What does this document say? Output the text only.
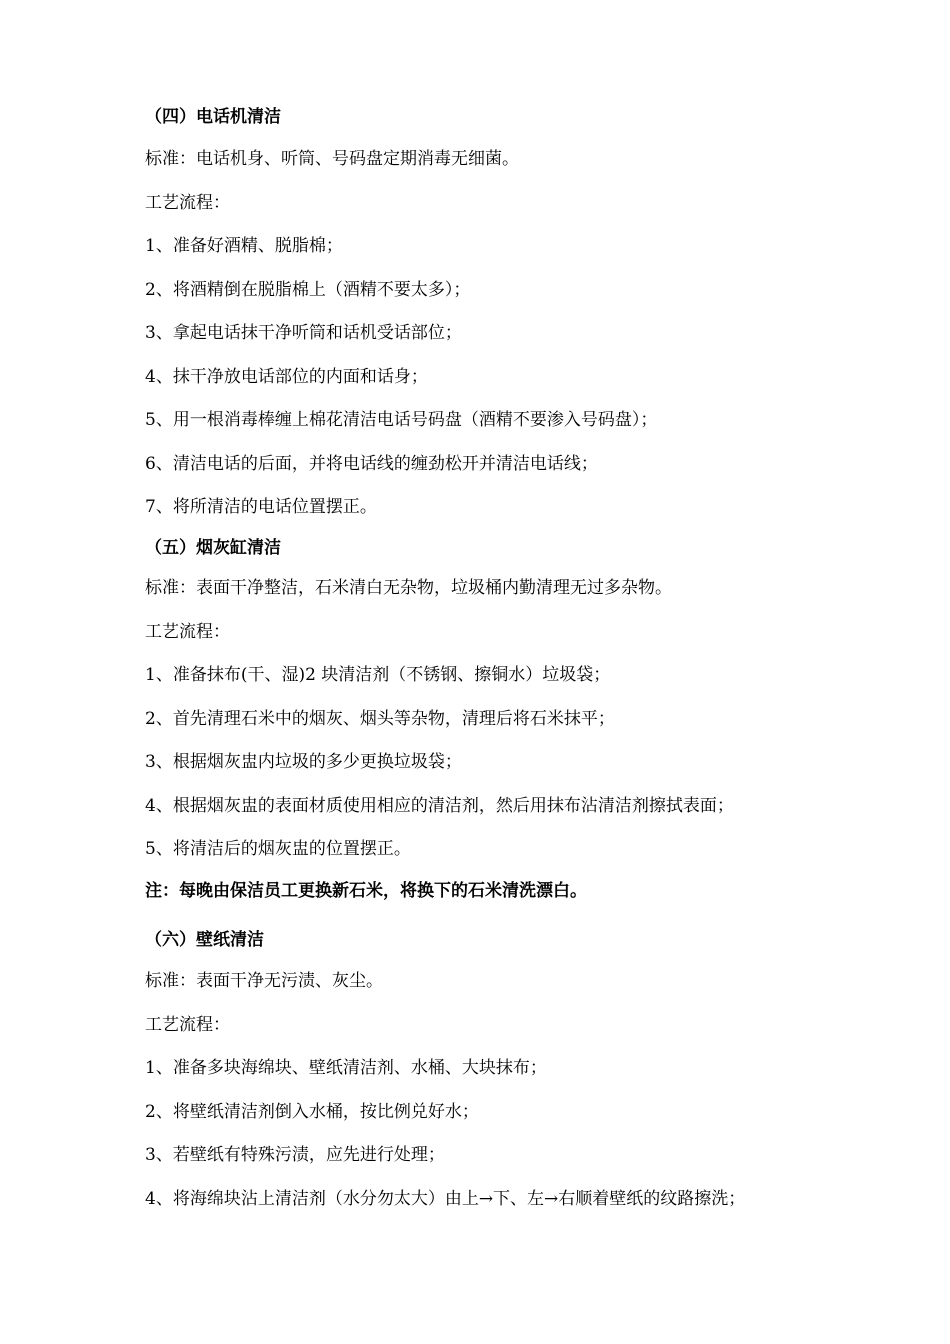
（四）电话机清洁
标准：电话机身、听筒、号码盘定期消毒无细菌。
工艺流程：
1、准备好酒精、脱脂棉；
2、将酒精倒在脱脂棉上（酒精不要太多）；
3、拿起电话抹干净听筒和话机受话部位；
4、抹干净放电话部位的内面和话身；
5、用一根消毒棒缠上棉花清洁电话号码盘（酒精不要渗入号码盘）；
6、清洁电话的后面，并将电话线的缠劲松开并清洁电话线；
7、将所清洁的电话位置摆正。
（五）烟灰缸清洁
标准：表面干净整洁，石米清白无杂物，垃圾桶内勤清理无过多杂物。
工艺流程：
1、准备抹布(干、湿)2 块清洁剂（不锈钢、擦铜水）垃圾袋；
2、首先清理石米中的烟灰、烟头等杂物，清理后将石米抹平；
3、根据烟灰盅内垃圾的多少更换垃圾袋；
4、根据烟灰盅的表面材质使用相应的清洁剂，然后用抹布沾清洁剂擦拭表面；
5、将清洁后的烟灰盅的位置摆正。
注：每晚由保洁员工更换新石米，将换下的石米清洗漂白。
（六）壁纸清洁
标准：表面干净无污渍、灰尘。
工艺流程：
1、准备多块海绵块、壁纸清洁剂、水桶、大块抹布；
2、将壁纸清洁剂倒入水桶，按比例兑好水；
3、若壁纸有特殊污渍，应先进行处理；
4、将海绵块沾上清洁剂（水分勿太大）由上→下、左→右顺着壁纸的纹路擦洗；
